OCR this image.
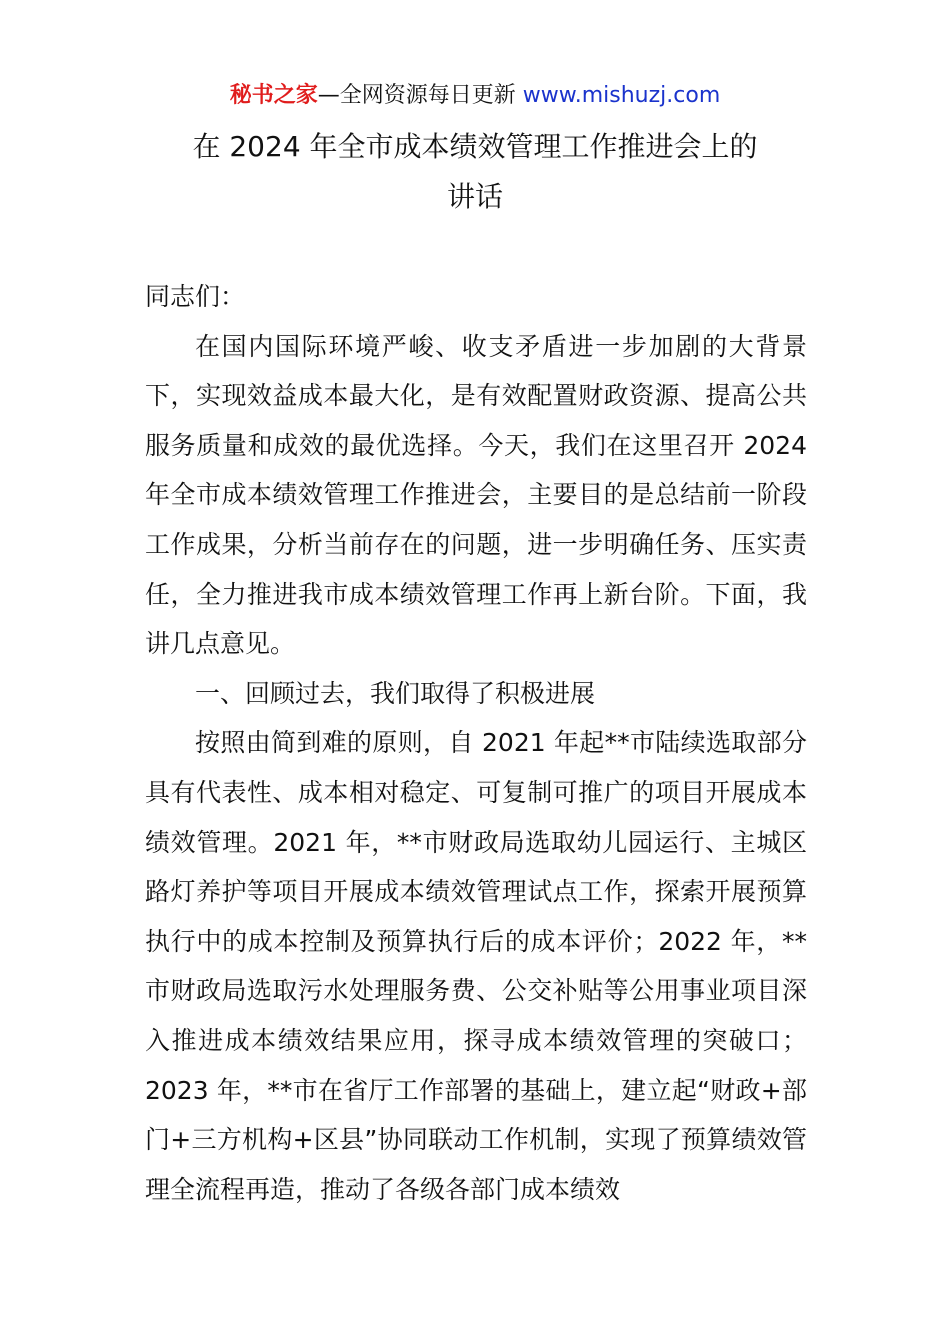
秘书之家—全网资源每日更新 www.mishuzj.com
在 2024 年全市成本绩效管理工作推进会上的
讲话

同志们：

在国内国际环境严峻、收支矛盾进一步加剧的大背景下，实现效益成本最大化，是有效配置财政资源、提高公共服务质量和成效的最优选择。今天，我们在这里召开 2024 年全市成本绩效管理工作推进会，主要目的是总结前一阶段工作成果，分析当前存在的问题，进一步明确任务、压实责任，全力推进我市成本绩效管理工作再上新台阶。下面，我讲几点意见。

一、回顾过去，我们取得了积极进展

按照由简到难的原则，自 2021 年起**市陆续选取部分具有代表性、成本相对稳定、可复制可推广的项目开展成本绩效管理。2021 年，**市财政局选取幼儿园运行、主城区路灯养护等项目开展成本绩效管理试点工作，探索开展预算执行中的成本控制及预算执行后的成本评价；2022 年，**市财政局选取污水处理服务费、公交补贴等公用事业项目深入推进成本绩效结果应用，探寻成本绩效管理的突破口；2023 年，**市在省厅工作部署的基础上，建立起“财政+部门+三方机构+区县”协同联动工作机制，实现了预算绩效管理全流程再造，推动了各级各部门成本绩效
